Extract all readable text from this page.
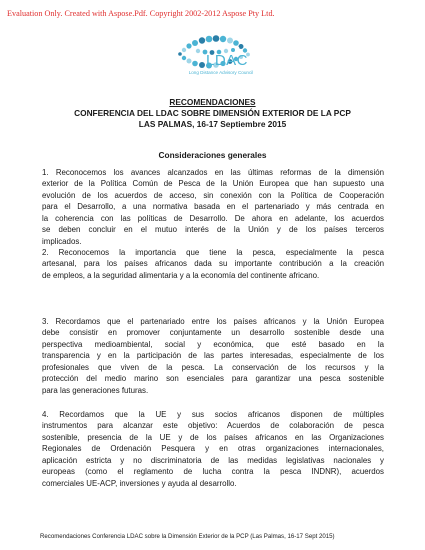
Evaluation Only. Created with Aspose.Pdf. Copyright 2002-2012 Aspose Pty Ltd.
LDAC
Long Distance Advisory Council
RECOMENDACIONES
CONFERENCIA DEL LDAC SOBRE DIMENSIÓN EXTERIOR DE LA PCP
LAS PALMAS, 16-17 Septiembre 2015
Consideraciones generales
1. Reconocemos los avances alcanzados en las últimas reformas de la dimensión
exterior de la Política Común de Pesca de la Unión Europea que han supuesto una
evolución de los acuerdos de acceso, sin conexión con la Política de Cooperación
para el Desarrollo, a una normativa basada en el partenariado y más centrada en
la coherencia con las políticas de Desarrollo. De ahora en adelante, los acuerdos
se deben concluir en el mutuo interés de la Unión y de los países terceros
implicados.
2. Reconocemos la importancia que tiene la pesca, especialmente la pesca
artesanal, para los países africanos dada su importante contribución a la creación
de empleos, a la seguridad alimentaria y a la economía del continente africano.
3. Recordamos que el partenariado entre los países africanos y la Unión Europea
debe consistir en promover conjuntamente un desarrollo sostenible desde una
perspectiva medioambiental, social y económica, que esté basado en la
transparencia y en la participación de las partes interesadas, especialmente de los
profesionales que viven de la pesca. La conservación de los recursos y la
protección del medio marino son esenciales para garantizar una pesca sostenible
para las generaciones futuras.
4. Recordamos que la UE y sus socios africanos disponen de múltiples
instrumentos para alcanzar este objetivo: Acuerdos de colaboración de pesca
sostenible, presencia de la UE y de los países africanos en las Organizaciones
Regionales de Ordenación Pesquera y en otras organizaciones internacionales,
aplicación estricta y no discriminatoria de las medidas legislativas nacionales y
europeas (como el reglamento de lucha contra la pesca INDNR), acuerdos
comerciales UE-ACP, inversiones y ayuda al desarrollo.
Recomendaciones Conferencia LDAC sobre la Dimensión Exterior de la PCP (Las Palmas, 16-17 Sept 2015)
